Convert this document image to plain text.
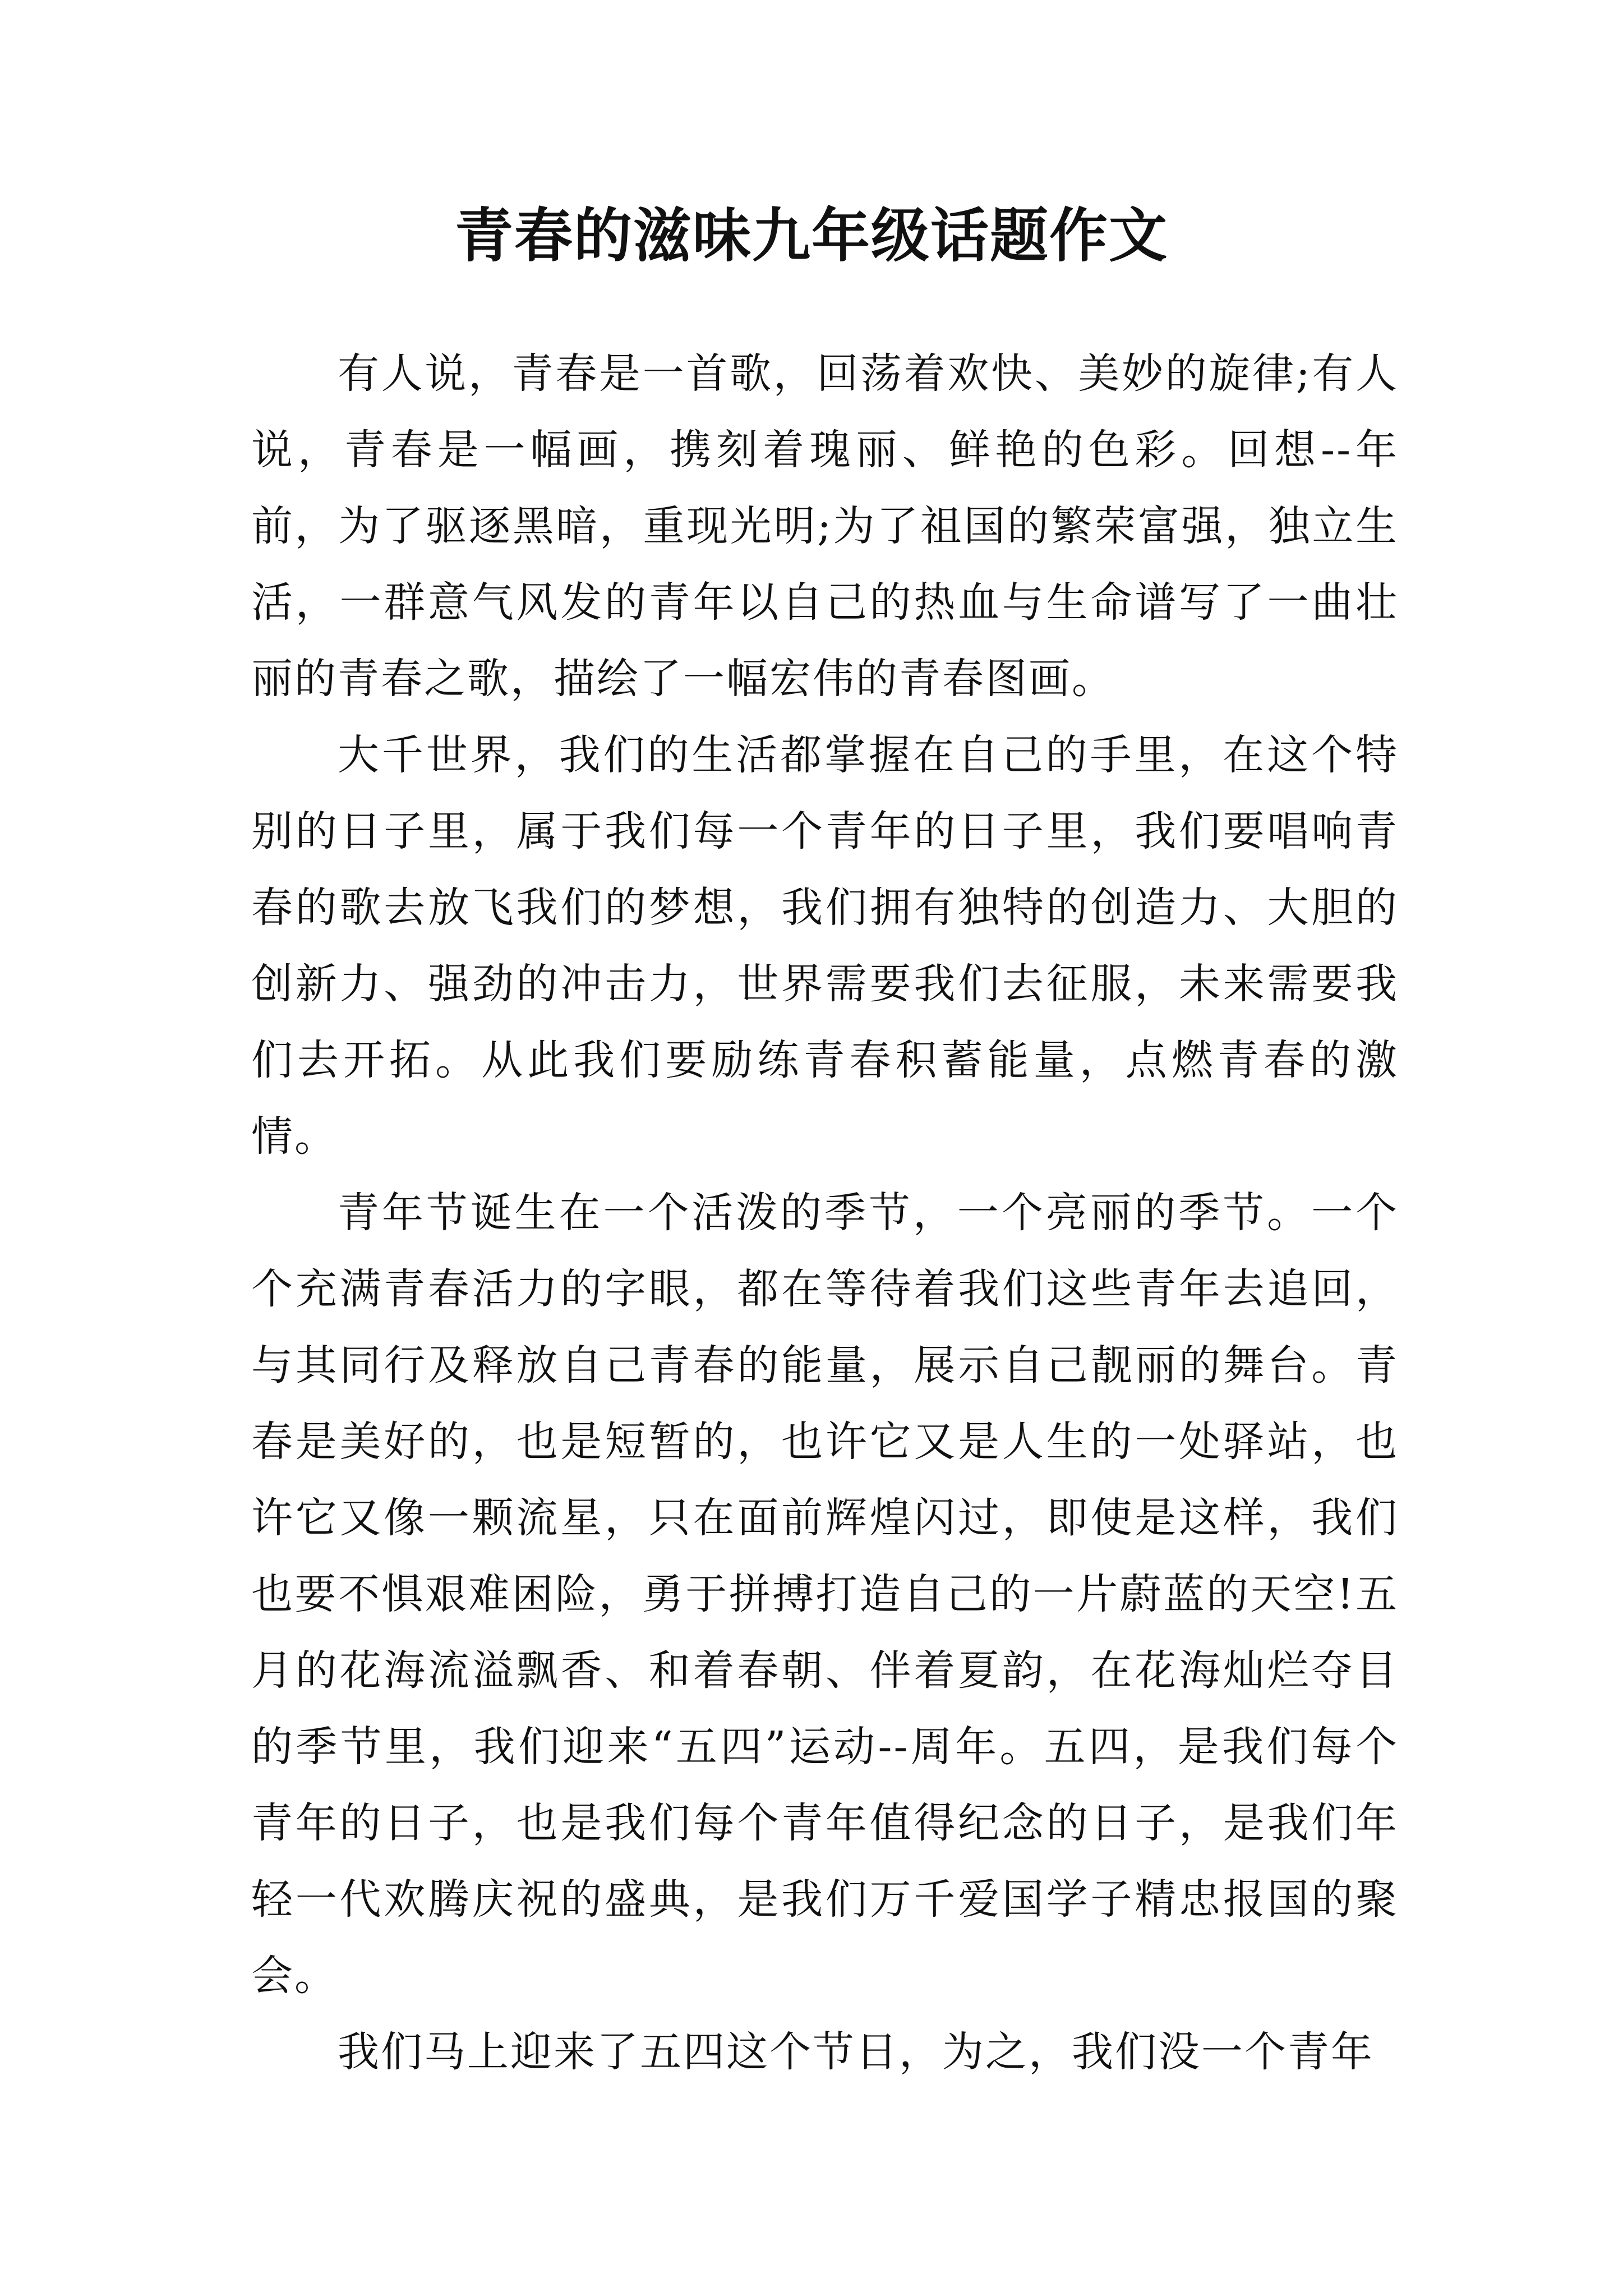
青春的滋味九年级话题作文

有人说，青春是一首歌，回荡着欢快、美妙的旋律;有人说，青春是一幅画，携刻着瑰丽、鲜艳的色彩。回想--年前，为了驱逐黑暗，重现光明;为了祖国的繁荣富强，独立生活，一群意气风发的青年以自己的热血与生命谱写了一曲壮丽的青春之歌，描绘了一幅宏伟的青春图画。

大千世界，我们的生活都掌握在自己的手里，在这个特别的日子里，属于我们每一个青年的日子里，我们要唱响青春的歌去放飞我们的梦想，我们拥有独特的创造力、大胆的创新力、强劲的冲击力，世界需要我们去征服，未来需要我们去开拓。从此我们要励练青春积蓄能量，点燃青春的激情。

青年节诞生在一个活泼的季节，一个亮丽的季节。一个个充满青春活力的字眼，都在等待着我们这些青年去追回，与其同行及释放自己青春的能量，展示自己靓丽的舞台。青春是美好的，也是短暂的，也许它又是人生的一处驿站，也许它又像一颗流星，只在面前辉煌闪过，即使是这样，我们也要不惧艰难困险，勇于拼搏打造自己的一片蔚蓝的天空!五月的花海流溢飘香、和着春朝、伴着夏韵，在花海灿烂夺目的季节里，我们迎来“五四”运动--周年。五四，是我们每个青年的日子，也是我们每个青年值得纪念的日子，是我们年轻一代欢腾庆祝的盛典，是我们万千爱国学子精忠报国的聚会。

我们马上迎来了五四这个节日，为之，我们没一个青年
